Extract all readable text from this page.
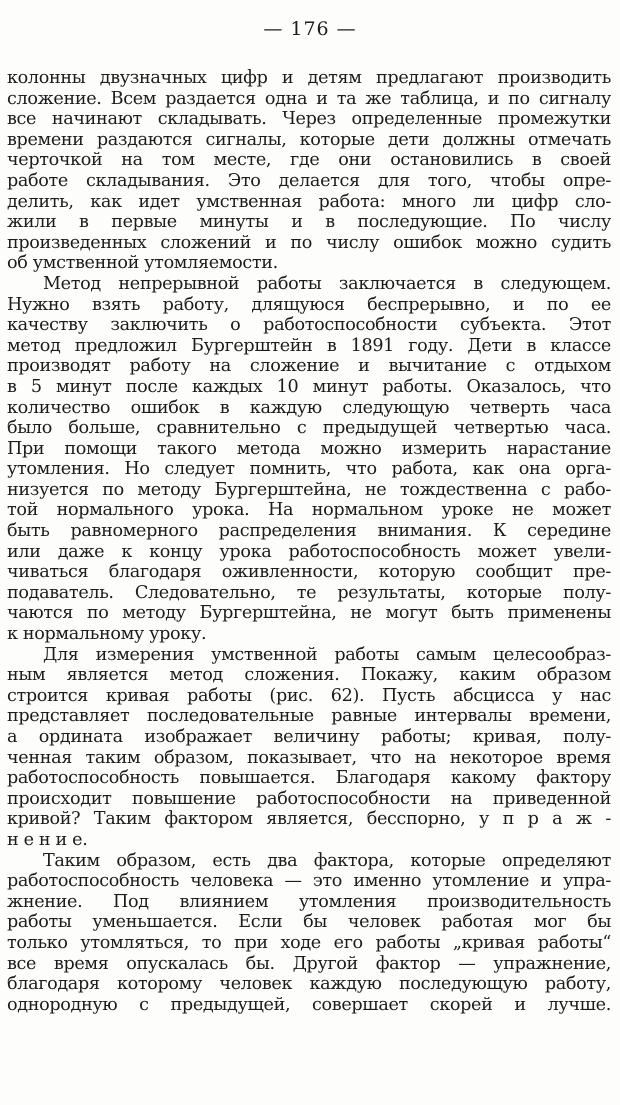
— 176 —
колонны двузначных цифр и детям предлагают производить
сложение. Всем раздается одна и та же таблица, и по сигналу
все начинают складывать. Через определенные промежутки
времени раздаются сигналы, которые дети должны отмечать
черточкой на том месте, где они остановились в своей
работе складывания. Это делается для того, чтобы опре-
делить, как идет умственная работа: много ли цифр сло-
жили в первые минуты и в последующие. По числу
произведенных сложений и по числу ошибок можно судить
об умственной утомляемости.
Метод непрерывной работы заключается в следующем.
Нужно взять работу, длящуюся беспрерывно, и по ее
качеству заключить о работоспособности субъекта. Этот
метод предложил Бургерштейн в 1891 году. Дети в классе
производят работу на сложение и вычитание с отдыхом
в 5 минут после каждых 10 минут работы. Оказалось, что
количество ошибок в каждую следующую четверть часа
было больше, сравнительно с предыдущей четвертью часа.
При помощи такого метода можно измерить нарастание
утомления. Но следует помнить, что работа, как она орга-
низуется по методу Бургерштейна, не тождественна с рабо-
той нормального урока. На нормальном уроке не может
быть равномерного распределения внимания. К середине
или даже к концу урока работоспособность может увели-
чиваться благодаря оживленности, которую сообщит пре-
подаватель. Следовательно, те результаты, которые полу-
чаются по методу Бургерштейна, не могут быть применены
к нормальному уроку.
Для измерения умственной работы самым целесообраз-
ным является метод сложения. Покажу, каким образом
строится кривая работы (рис. 62). Пусть абсцисса у нас
представляет последовательные равные интервалы времени,
а ордината изображает величину работы; кривая, полу-
ченная таким образом, показывает, что на некоторое время
работоспособность повышается. Благодаря какому фактору
происходит повышение работоспособности на приведенной
кривой? Таким фактором является, бесспорно, у п р а ж -
н е н и е.
Таким образом, есть два фактора, которые определяют
работоспособность человека — это именно утомление и упра-
жнение. Под влиянием утомления производительность
работы уменьшается. Если бы человек работая мог бы
только утомляться, то при ходе его работы „кривая работы“
все время опускалась бы. Другой фактор — упражнение,
благодаря которому человек каждую последующую работу,
однородную с предыдущей, совершает скорей и лучше.
